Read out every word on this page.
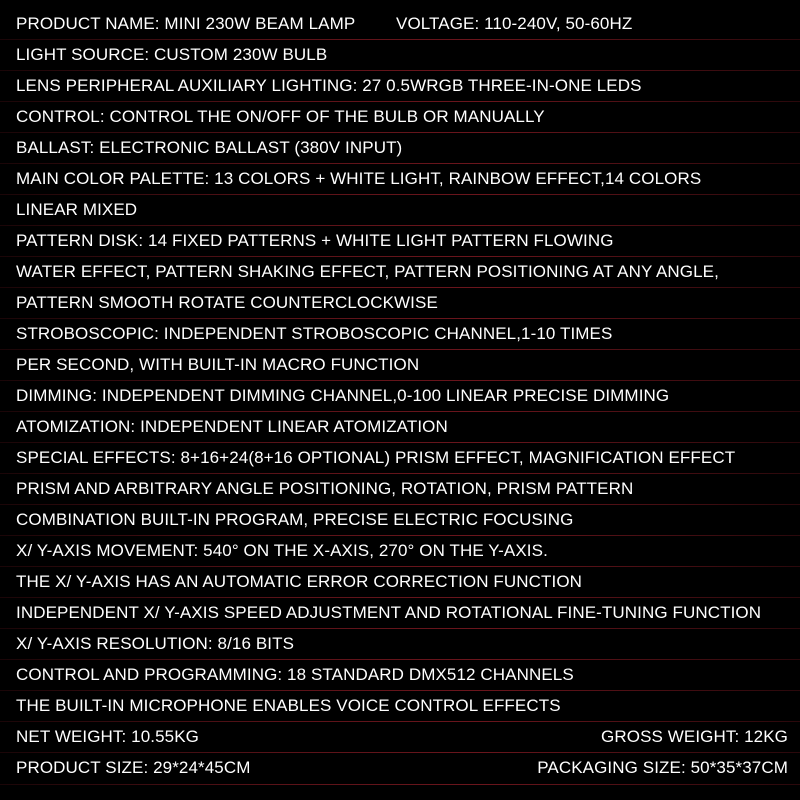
PRODUCT NAME: MINI 230W BEAM LAMP VOLTAGE: 110-240V, 50-60HZ
LIGHT SOURCE: CUSTOM 230W BULB
LENS PERIPHERAL AUXILIARY LIGHTING: 27 0.5WRGB THREE-IN-ONE LEDS
CONTROL: CONTROL THE ON/OFF OF THE BULB OR MANUALLY
BALLAST: ELECTRONIC BALLAST (380V INPUT)
MAIN COLOR PALETTE: 13 COLORS + WHITE LIGHT, RAINBOW EFFECT,14 COLORS
LINEAR MIXED
PATTERN DISK: 14 FIXED PATTERNS + WHITE LIGHT PATTERN FLOWING
WATER EFFECT, PATTERN SHAKING EFFECT, PATTERN POSITIONING AT ANY ANGLE,
PATTERN SMOOTH ROTATE COUNTERCLOCKWISE
STROBOSCOPIC: INDEPENDENT STROBOSCOPIC CHANNEL,1-10 TIMES
PER SECOND, WITH BUILT-IN MACRO FUNCTION
DIMMING: INDEPENDENT DIMMING CHANNEL,0-100 LINEAR PRECISE DIMMING
ATOMIZATION: INDEPENDENT LINEAR ATOMIZATION
SPECIAL EFFECTS: 8+16+24(8+16 OPTIONAL) PRISM EFFECT, MAGNIFICATION EFFECT
PRISM AND ARBITRARY ANGLE POSITIONING, ROTATION, PRISM PATTERN
COMBINATION BUILT-IN PROGRAM, PRECISE ELECTRIC FOCUSING
X/ Y-AXIS MOVEMENT: 540° ON THE X-AXIS, 270° ON THE Y-AXIS.
THE X/ Y-AXIS HAS AN AUTOMATIC ERROR CORRECTION FUNCTION
INDEPENDENT X/ Y-AXIS SPEED ADJUSTMENT AND ROTATIONAL FINE-TUNING FUNCTION
X/ Y-AXIS RESOLUTION: 8/16 BITS
CONTROL AND PROGRAMMING: 18 STANDARD DMX512 CHANNELS
THE BUILT-IN MICROPHONE ENABLES VOICE CONTROL EFFECTS
NET WEIGHT: 10.55KG	GROSS WEIGHT: 12KG
PRODUCT SIZE: 29*24*45CM	PACKAGING SIZE: 50*35*37CM
